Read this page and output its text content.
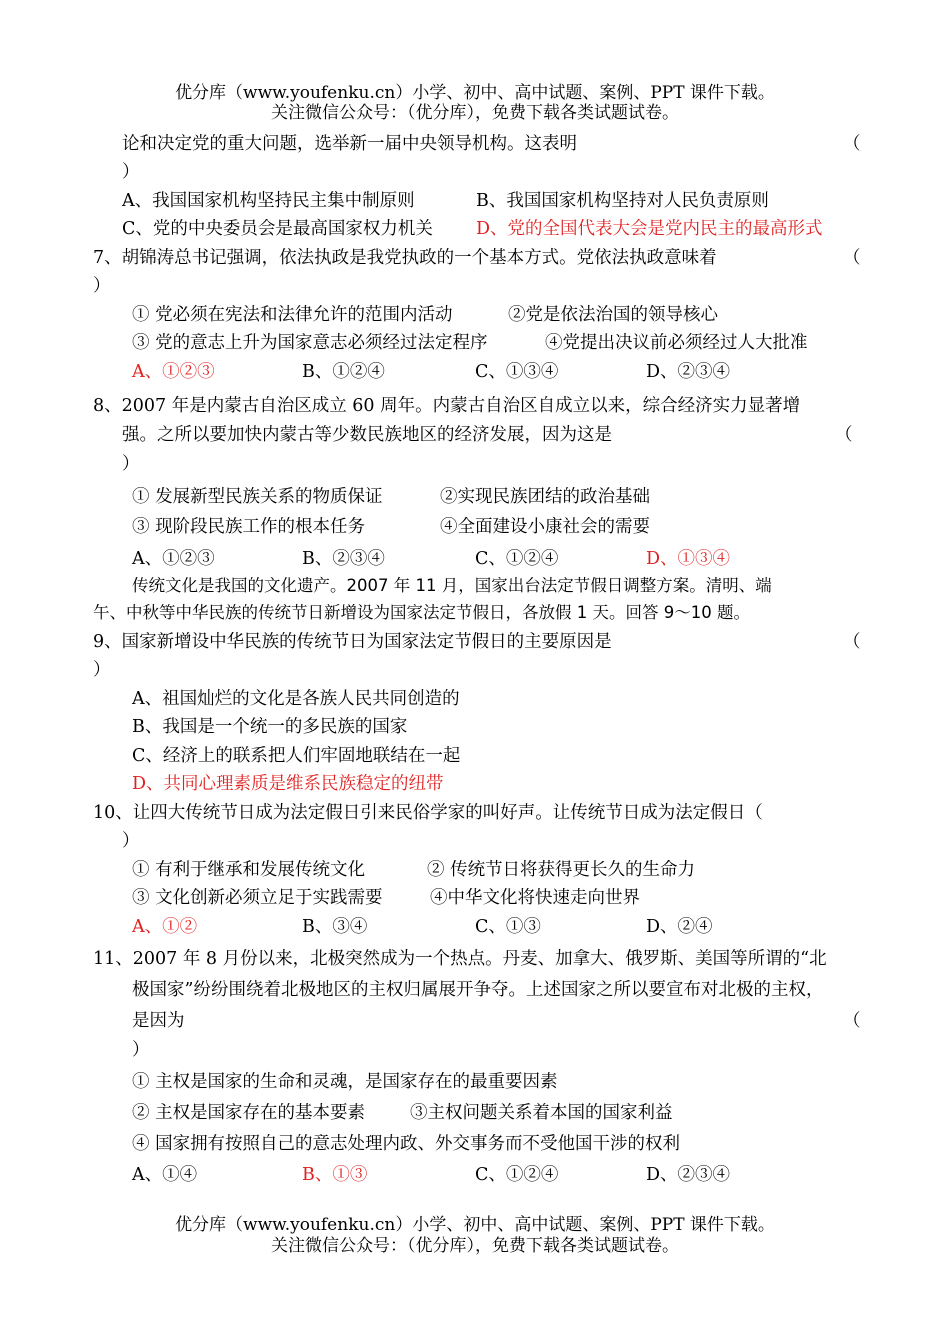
优分库（www.youfenku.cn）小学、初中、高中试题、案例、PPT 课件下载。
关注微信公众号：（优分库），免费下载各类试题试卷。
论和决定党的重大问题，选举新一届中央领导机构。这表明	（
）
A、我国国家机构坚持民主集中制原则	B、我国国家机构坚持对人民负责原则
C、党的中央委员会是最高国家权力机关 D、党的全国代表大会是党内民主的最高形式
7、胡锦涛总书记强调，依法执政是我党执政的一个基本方式。党依法执政意味着	（
）
① 党必须在宪法和法律允许的范围内活动	②党是依法治国的领导核心
③ 党的意志上升为国家意志必须经过法定程序	④党提出决议前必须经过人大批准
A、①②③	B、①②④	C、①③④	D、②③④
8、2007 年是内蒙古自治区成立 60 周年。内蒙古自治区自成立以来，综合经济实力显著增
强。之所以要加快内蒙古等少数民族地区的经济发展，因为这是	（
）
① 发展新型民族关系的物质保证	②实现民族团结的政治基础
③ 现阶段民族工作的根本任务	④全面建设小康社会的需要
A、①②③	B、②③④	C、①②④	D、①③④
传统文化是我国的文化遗产。2007 年 11 月，国家出台法定节假日调整方案。清明、端
午、中秋等中华民族的传统节日新增设为国家法定节假日，各放假 1 天。回答 9～10 题。
9、国家新增设中华民族的传统节日为国家法定节假日的主要原因是	（
）
A、祖国灿烂的文化是各族人民共同创造的
B、我国是一个统一的多民族的国家
C、经济上的联系把人们牢固地联结在一起
D、共同心理素质是维系民族稳定的纽带
10、让四大传统节日成为法定假日引来民俗学家的叫好声。让传统节日成为法定假日（
）
① 有利于继承和发展传统文化	② 传统节日将获得更长久的生命力
③ 文化创新必须立足于实践需要	④中华文化将快速走向世界
A、①②	B、③④	C、①③	D、②④
11、2007 年 8 月份以来，北极突然成为一个热点。丹麦、加拿大、俄罗斯、美国等所谓的“北
极国家”纷纷围绕着北极地区的主权归属展开争夺。上述国家之所以要宣布对北极的主权，
是因为	（
）
① 主权是国家的生命和灵魂，是国家存在的最重要因素
② 主权是国家存在的基本要素	③主权问题关系着本国的国家利益
④ 国家拥有按照自己的意志处理内政、外交事务而不受他国干涉的权利
A、①④	B、①③	C、①②④	D、②③④
优分库（www.youfenku.cn）小学、初中、高中试题、案例、PPT 课件下载。
关注微信公众号：（优分库），免费下载各类试题试卷。
